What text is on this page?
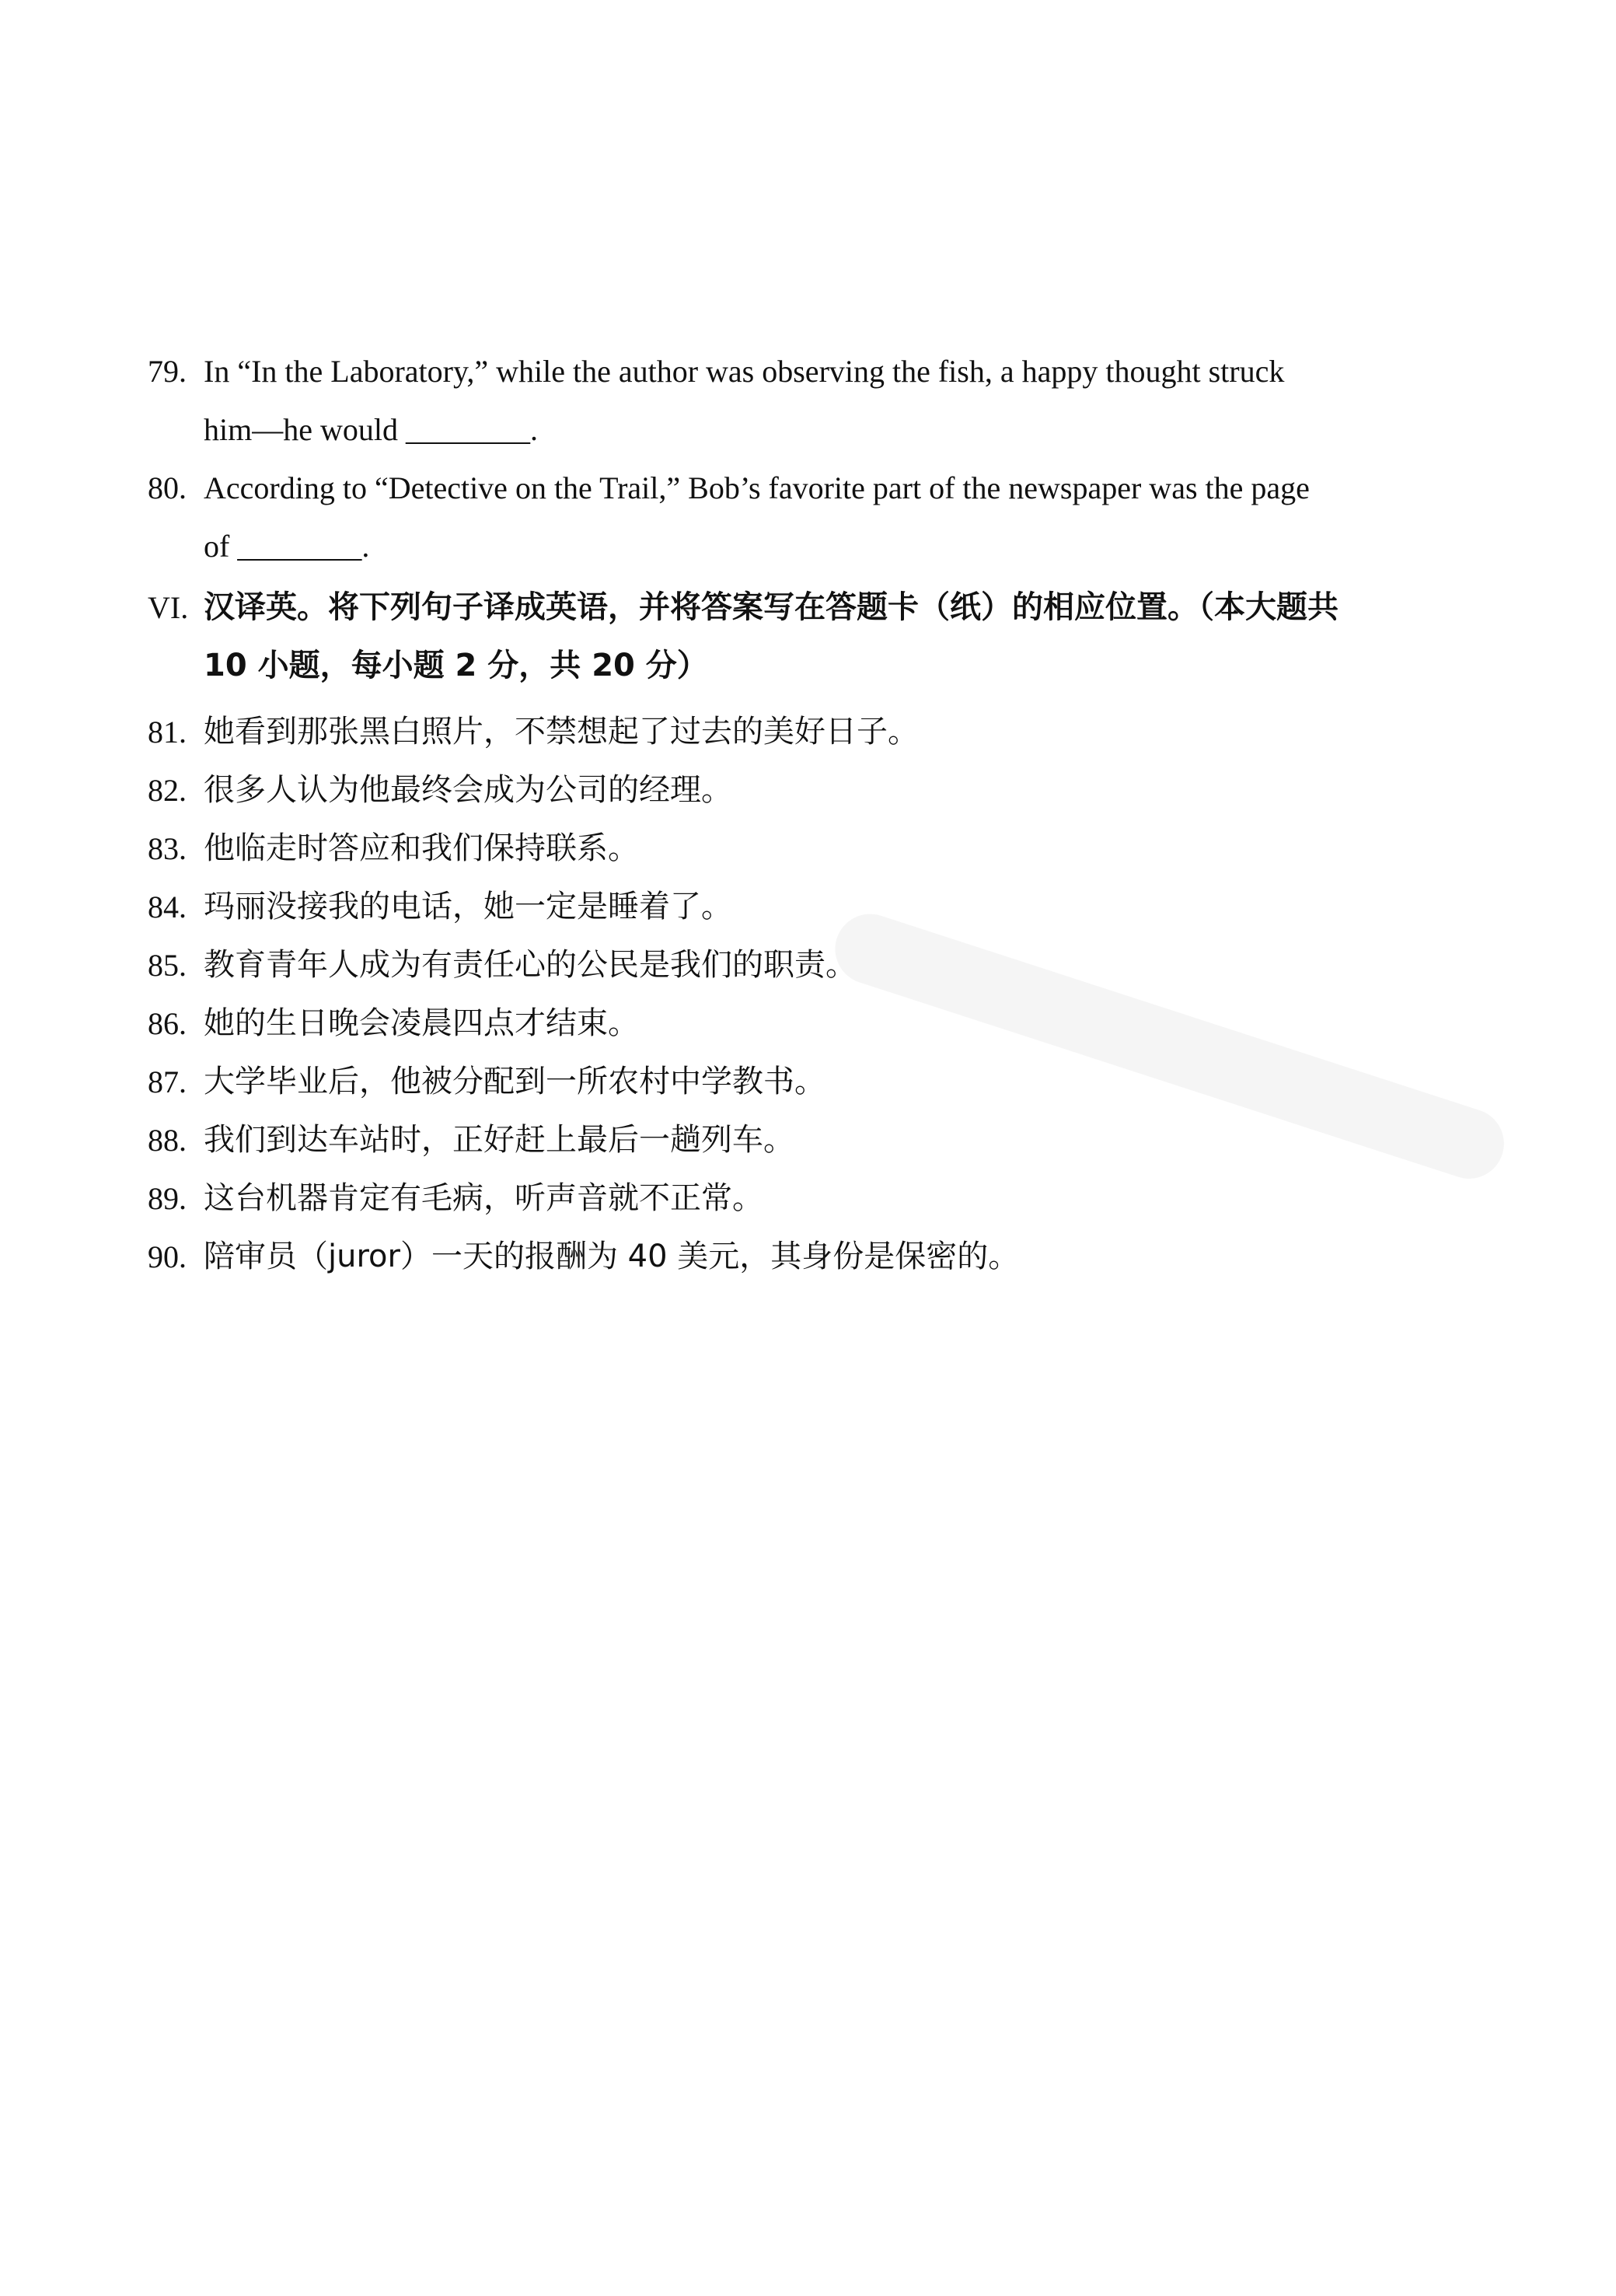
79. In “In the Laboratory,” while the author was observing the fish, a happy thought struck
him—he would ________.
80. According to “Detective on the Trail,” Bob’s favorite part of the newspaper was the page
of ________.
VI. 汉译英。将下列句子译成英语，并将答案写在答题卡（纸）的相应位置。（本大题共
10 小题，每小题 2 分，共 20 分）
81. 她看到那张黑白照片，不禁想起了过去的美好日子。
82. 很多人认为他最终会成为公司的经理。
83. 他临走时答应和我们保持联系。
84. 玛丽没接我的电话，她一定是睡着了。
85. 教育青年人成为有责任心的公民是我们的职责。
86. 她的生日晚会凌晨四点才结束。
87. 大学毕业后，他被分配到一所农村中学教书。
88. 我们到达车站时，正好赶上最后一趟列车。
89. 这台机器肯定有毛病，听声音就不正常。
90. 陪审员（juror）一天的报酬为 40 美元，其身份是保密的。
